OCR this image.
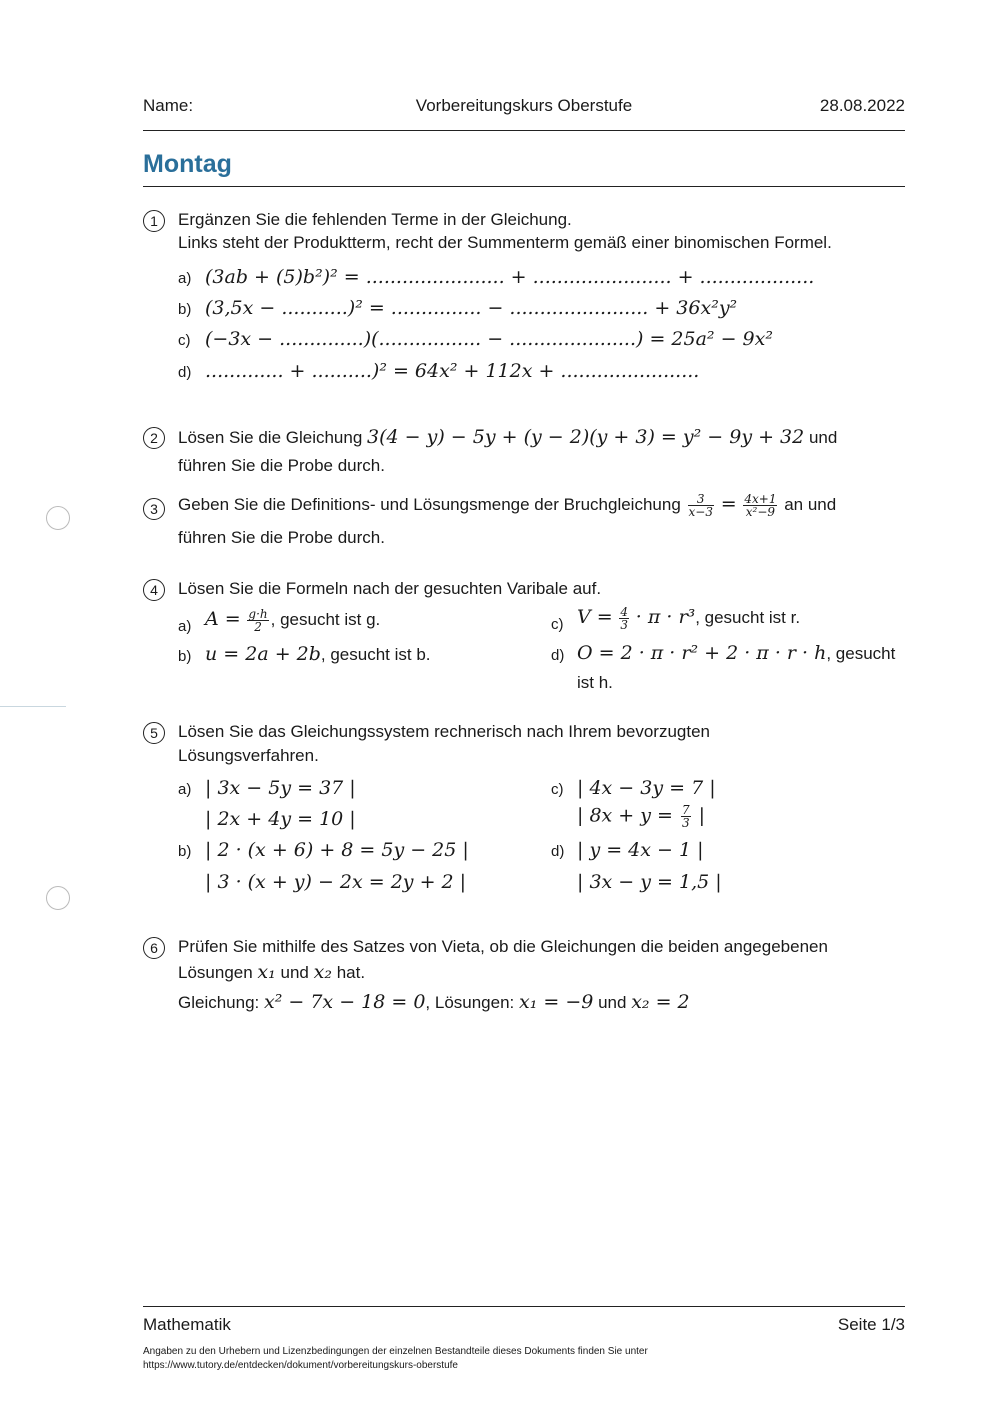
Name:	Vorbereitungskurs Oberstufe	28.08.2022
Montag
1	Ergänzen Sie die fehlenden Terme in der Gleichung.
Links steht der Produktterm, recht der Summenterm gemäß einer binomischen Formel.
a) (3ab + (5)b²)² = ....................... + ....................... + ...................
b) (3,5x − ...........)² = ............... − ....................... + 36x²y²
c) (−3x − ..............)(................. − .....................) = 25a² − 9x²
d) ............. + ..........)² = 64x² + 112x + .......................
2	Lösen Sie die Gleichung 3(4 − y) − 5y + (y − 2)(y + 3) = y² − 9y + 32 und
führen Sie die Probe durch.
3	Geben Sie die Definitions- und Lösungsmenge der Bruchgleichung $\frac{3}{x-3} = \frac{4x+1}{\text{x²−9}}$ an und
führen Sie die Probe durch.
4	Lösen Sie die Formeln nach der gesuchten Varibale auf.
a) $A = \frac{g\cdot h}{2}$ , gesucht ist g.
b) u = 2a + 2b, gesucht ist b.
c) $V = \frac{4}{3} \cdot \pi \cdot r^3$, gesucht ist r.
d) O = 2 · π · r² + 2 · π · r · h, gesucht
ist h.
5	Lösen Sie das Gleichungssystem rechnerisch nach Ihrem bevorzugten
Lösungsverfahren.
a) | 3x − 5y = 37 |
| 2x + 4y = 10 |
b) | 2 · (x + 6) + 8 = 5y − 25 |
| 3 · (x + y) − 2x = 2y + 2 |
c) | 4x − 3y = 7 |
| $8x + y = \frac{7}{3}$ |
d) | y = 4x − 1 |
| 3x − y = 1,5 |
6	Prüfen Sie mithilfe des Satzes von Vieta, ob die Gleichungen die beiden angegebenen
Lösungen x₁ und x₂ hat.
Gleichung: x² − 7x − 18 = 0, Lösungen: x₁ = −9 und x₂ = 2
Mathematik	Seite 1/3
Angaben zu den Urhebern und Lizenzbedingungen der einzelnen Bestandteile dieses Dokuments finden Sie unter
https://www.tutory.de/entdecken/dokument/vorbereitungskurs-oberstufe
